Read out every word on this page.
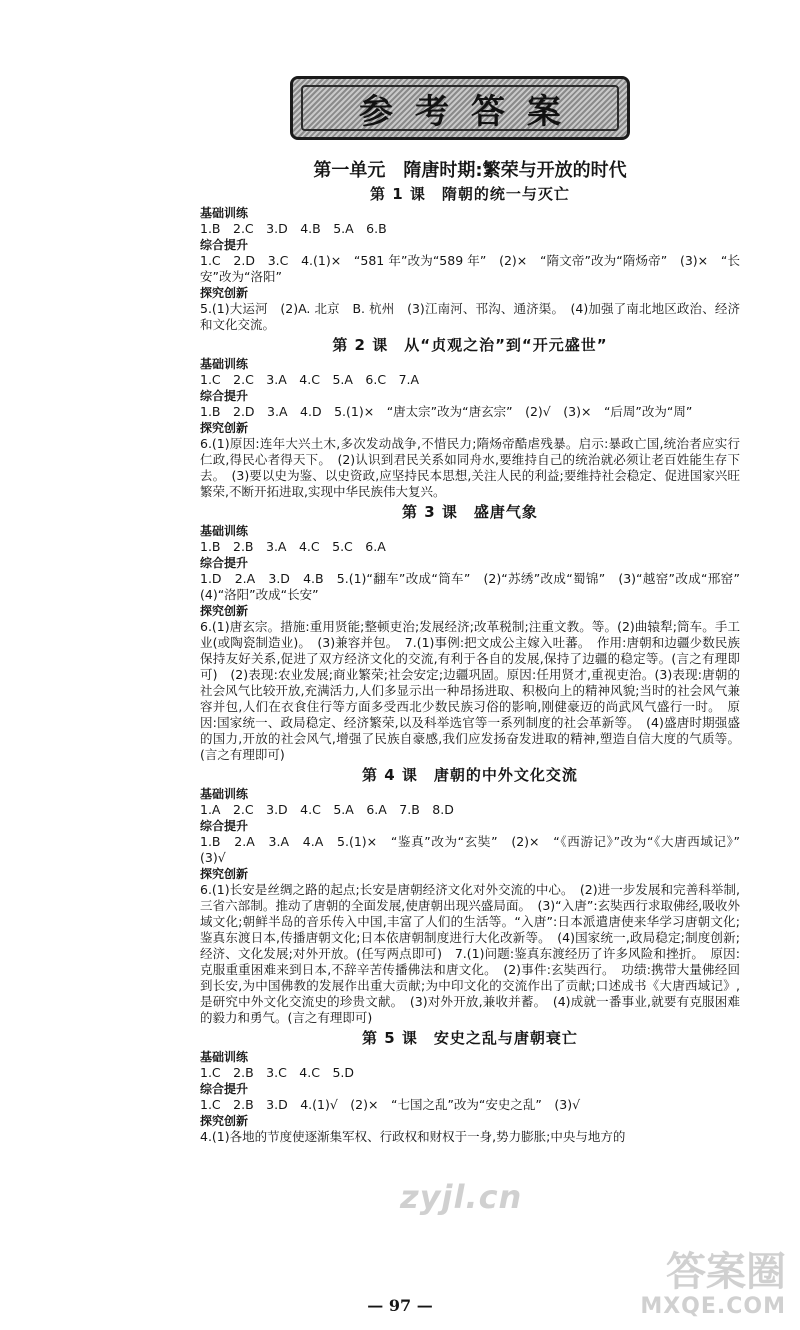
参考答案
第一单元　隋唐时期:繁荣与开放的时代
第 1 课　隋朝的统一与灭亡
基础训练
1.B　2.C　3.D　4.B　5.A　6.B
综合提升
1.C　2.D　3.C　4.(1)×　“581 年”改为“589 年”　(2)×　“隋文帝”改为“隋炀帝”　(3)×　“长安”改为“洛阳”
探究创新
5.(1)大运河　(2)A. 北京　B. 杭州　(3)江南河、邗沟、通济渠。　(4)加强了南北地区政治、经济和文化交流。
第 2 课　从“贞观之治”到“开元盛世”
基础训练
1.C　2.C　3.A　4.C　5.A　6.C　7.A
综合提升
1.B　2.D　3.A　4.D　5.(1)×　“唐太宗”改为“唐玄宗”　(2)√　(3)×　“后周”改为“周”
探究创新
6.(1)原因:连年大兴土木,多次发动战争,不惜民力;隋炀帝酷虐残暴。启示:暴政亡国,统治者应实行仁政,得民心者得天下。　(2)认识到君民关系如同舟水,要维持自己的统治就必须让老百姓能生存下去。　(3)要以史为鉴、以史资政,应坚持民本思想,关注人民的利益;要维持社会稳定、促进国家兴旺繁荣,不断开拓进取,实现中华民族伟大复兴。
第 3 课　盛唐气象
基础训练
1.B　2.B　3.A　4.C　5.C　6.A
综合提升
1.D　2.A　3.D　4.B　5.(1)“翻车”改成“筒车”　(2)“苏绣”改成“蜀锦”　(3)“越窑”改成“邢窑”　(4)“洛阳”改成“长安”
探究创新
6.(1)唐玄宗。措施:重用贤能;整顿吏治;发展经济;改革税制;注重文教。等。(2)曲辕犁;筒车。手工业(或陶瓷制造业)。　(3)兼容并包。　7.(1)事例:把文成公主嫁入吐蕃。　作用:唐朝和边疆少数民族保持友好关系,促进了双方经济文化的交流,有利于各自的发展,保持了边疆的稳定等。(言之有理即可)　(2)表现:农业发展;商业繁荣;社会安定;边疆巩固。原因:任用贤才,重视吏治。(3)表现:唐朝的社会风气比较开放,充满活力,人们多显示出一种昂扬进取、积极向上的精神风貌;当时的社会风气兼容并包,人们在衣食住行等方面多受西北少数民族习俗的影响,刚健豪迈的尚武风气盛行一时。　原因:国家统一、政局稳定、经济繁荣,以及科举选官等一系列制度的社会革新等。　(4)盛唐时期强盛的国力,开放的社会风气,增强了民族自豪感,我们应发扬奋发进取的精神,塑造自信大度的气质等。(言之有理即可)
第 4 课　唐朝的中外文化交流
基础训练
1.A　2.C　3.D　4.C　5.A　6.A　7.B　8.D
综合提升
1.B　2.A　3.A　4.A　5.(1)×　“鉴真”改为“玄奘”　(2)×　“《西游记》”改为“《大唐西域记》”　(3)√
探究创新
6.(1)长安是丝绸之路的起点;长安是唐朝经济文化对外交流的中心。　(2)进一步发展和完善科举制,三省六部制。推动了唐朝的全面发展,使唐朝出现兴盛局面。　(3)“入唐”:玄奘西行求取佛经,吸收外域文化;朝鲜半岛的音乐传入中国,丰富了人们的生活等。“入唐”:日本派遣唐使来华学习唐朝文化;鉴真东渡日本,传播唐朝文化;日本依唐朝制度进行大化改新等。　(4)国家统一,政局稳定;制度创新;经济、文化发展;对外开放。(任写两点即可)　7.(1)问题:鉴真东渡经历了许多风险和挫折。　原因:克服重重困难来到日本,不辞辛苦传播佛法和唐文化。　(2)事件:玄奘西行。　功绩:携带大量佛经回到长安,为中国佛教的发展作出重大贡献;为中印文化的交流作出了贡献;口述成书《大唐西域记》,是研究中外文化交流史的珍贵文献。　(3)对外开放,兼收并蓄。　(4)成就一番事业,就要有克服困难的毅力和勇气。(言之有理即可)
第 5 课　安史之乱与唐朝衰亡
基础训练
1.C　2.B　3.C　4.C　5.D
综合提升
1.C　2.B　3.D　4.(1)√　(2)×　“七国之乱”改为“安史之乱”　(3)√
探究创新
4.(1)各地的节度使逐渐集军权、行政权和财权于一身,势力膨胀;中央与地方的
zyjl.cn
— 97 —
答案圈
MXQE.COM
